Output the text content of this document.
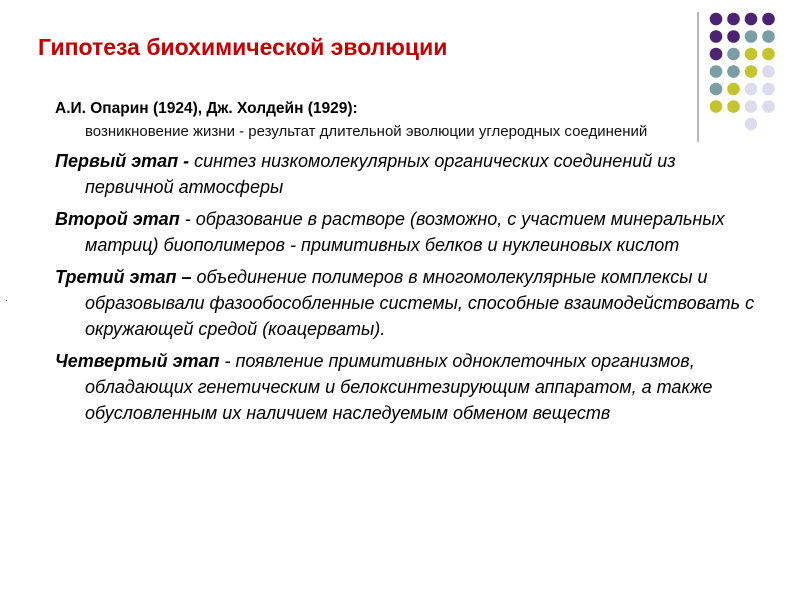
Гипотеза биохимической эволюции
А.И. Опарин (1924), Дж. Холдейн (1929):
возникновение жизни - результат длительной эволюции углеродных соединений
Первый этап - синтез низкомолекулярных органических соединений из первичной атмосферы
Второй этап - образование в растворе (возможно, с участием минеральных матриц) биополимеров - примитивных белков и нуклеиновых кислот
Третий этап – объединение полимеров в многомолекулярные комплексы и образовывали фазообособленные системы, способные взаимодействовать с окружающей средой (коацерваты).
Четвертый этап - появление примитивных одноклеточных организмов, обладающих генетическим и белоксинтезирующим аппаратом, а также обусловленным их наличием наследуемым обменом веществ
.
